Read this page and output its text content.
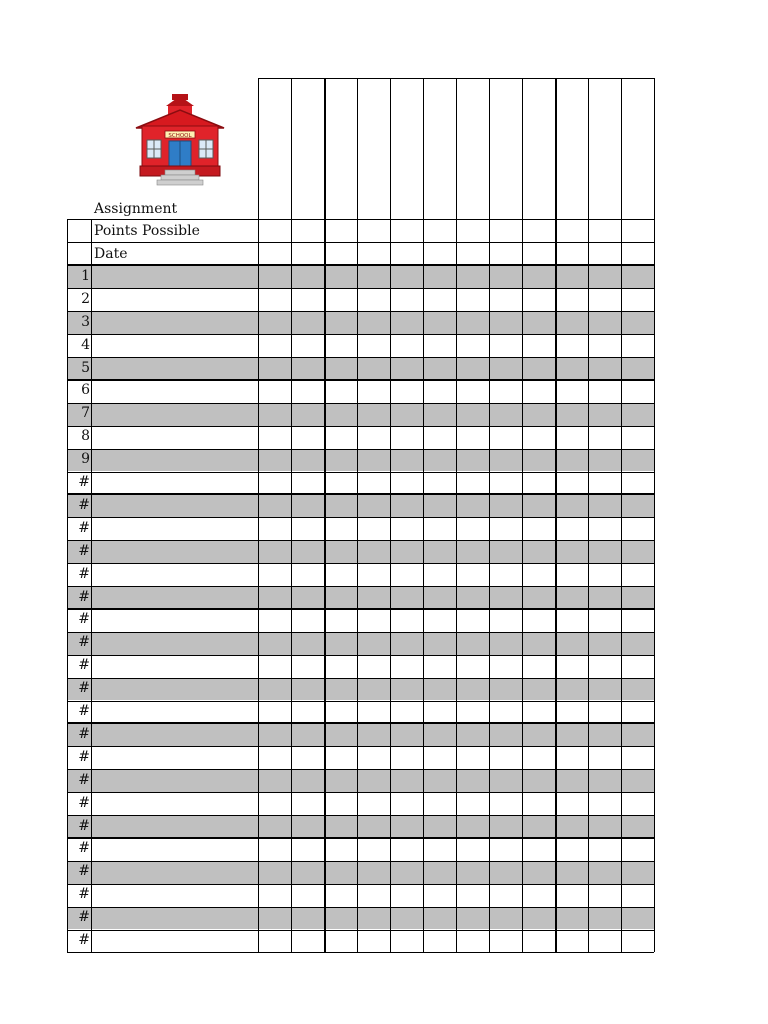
1
2
3
4
5
6
7
8
9
#
#
#
#
#
#
#
#
#
#
#
#
#
#
#
#
#
#
#
#
#
SCHOOL
Assignment
Points Possible
Date
